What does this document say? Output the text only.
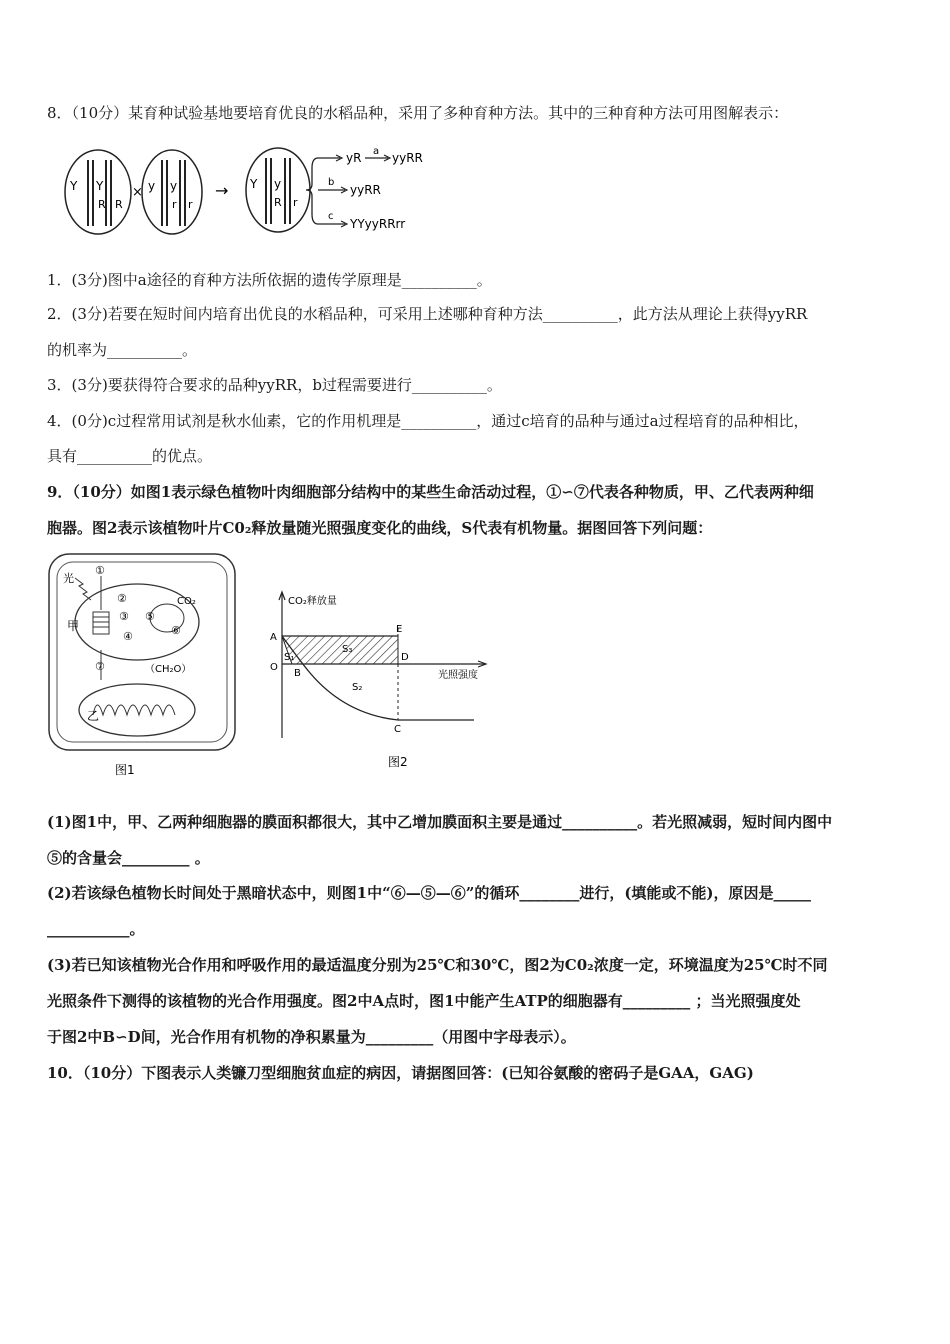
8．（10分）某育种试验基地要培育优良的水稻品种，采用了多种育种方法。其中的三种育种方法可用图解表示：
Y Y
R R
× y y
r r
→ Y y
R r
yR a yyRR
b
yyRR
c
YYyyRRrr
1．(3分)图中a途径的育种方法所依据的遗传学原理是__________。
2．(3分)若要在短时间内培育出优良的水稻品种，可采用上述哪种育种方法__________，此方法从理论上获得yyRR
的机率为__________。
3．(3分)要获得符合要求的品种yyRR，b过程需要进行__________。
4．(0分)c过程常用试剂是秋水仙素，它的作用机理是__________，通过c培育的品种与通过a过程培育的品种相比，
具有__________的优点。
9．（10分）如图1表示绿色植物叶肉细胞部分结构中的某些生命活动过程，①∽⑦代表各种物质，甲、乙代表两种细
胞器。图2表示该植物叶片C0₂释放量随光照强度变化的曲线，S代表有机物量。据图回答下列问题：
光
甲
CO₂
（CH₂O）
①
②
③
④
⑤
⑥
⑦
乙
图1
CO₂释放量
光照强度
A
O
B
E
D
C
S₁
S₃
S₂
图2
(1)图1中，甲、乙两种细胞器的膜面积都很大，其中乙增加膜面积主要是通过__________。若光照减弱，短时间内图中
⑤的含量会_________ 。
(2)若该绿色植物长时间处于黑暗状态中，则图1中“⑥—⑤—⑥”的循环________进行，(填能或不能)，原因是_____
___________。
(3)若已知该植物光合作用和呼吸作用的最适温度分别为25℃和30℃，图2为C0₂浓度一定，环境温度为25℃时不同
光照条件下测得的该植物的光合作用强度。图2中A点时，图1中能产生ATP的细胞器有_________ ；当光照强度处
于图2中B∽D间，光合作用有机物的净积累量为_________（用图中字母表示）。
10．（10分）下图表示人类镰刀型细胞贫血症的病因，请据图回答：(已知谷氨酸的密码子是GAA，GAG)
